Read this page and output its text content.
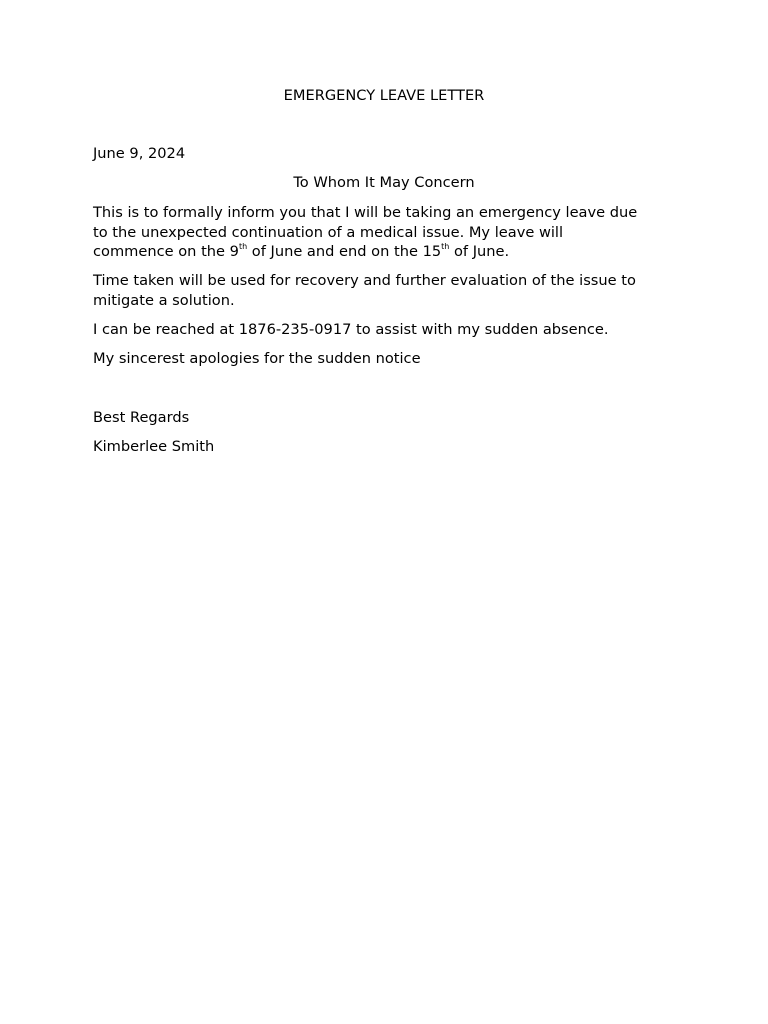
EMERGENCY LEAVE LETTER
June 9, 2024
To Whom It May Concern
This is to formally inform you that I will be taking an emergency leave due
to the unexpected continuation of a medical issue. My leave will
commence on the 9th of June and end on the 15th of June.
Time taken will be used for recovery and further evaluation of the issue to
mitigate a solution.
I can be reached at 1876-235-0917 to assist with my sudden absence.
My sincerest apologies for the sudden notice
Best Regards
Kimberlee Smith
